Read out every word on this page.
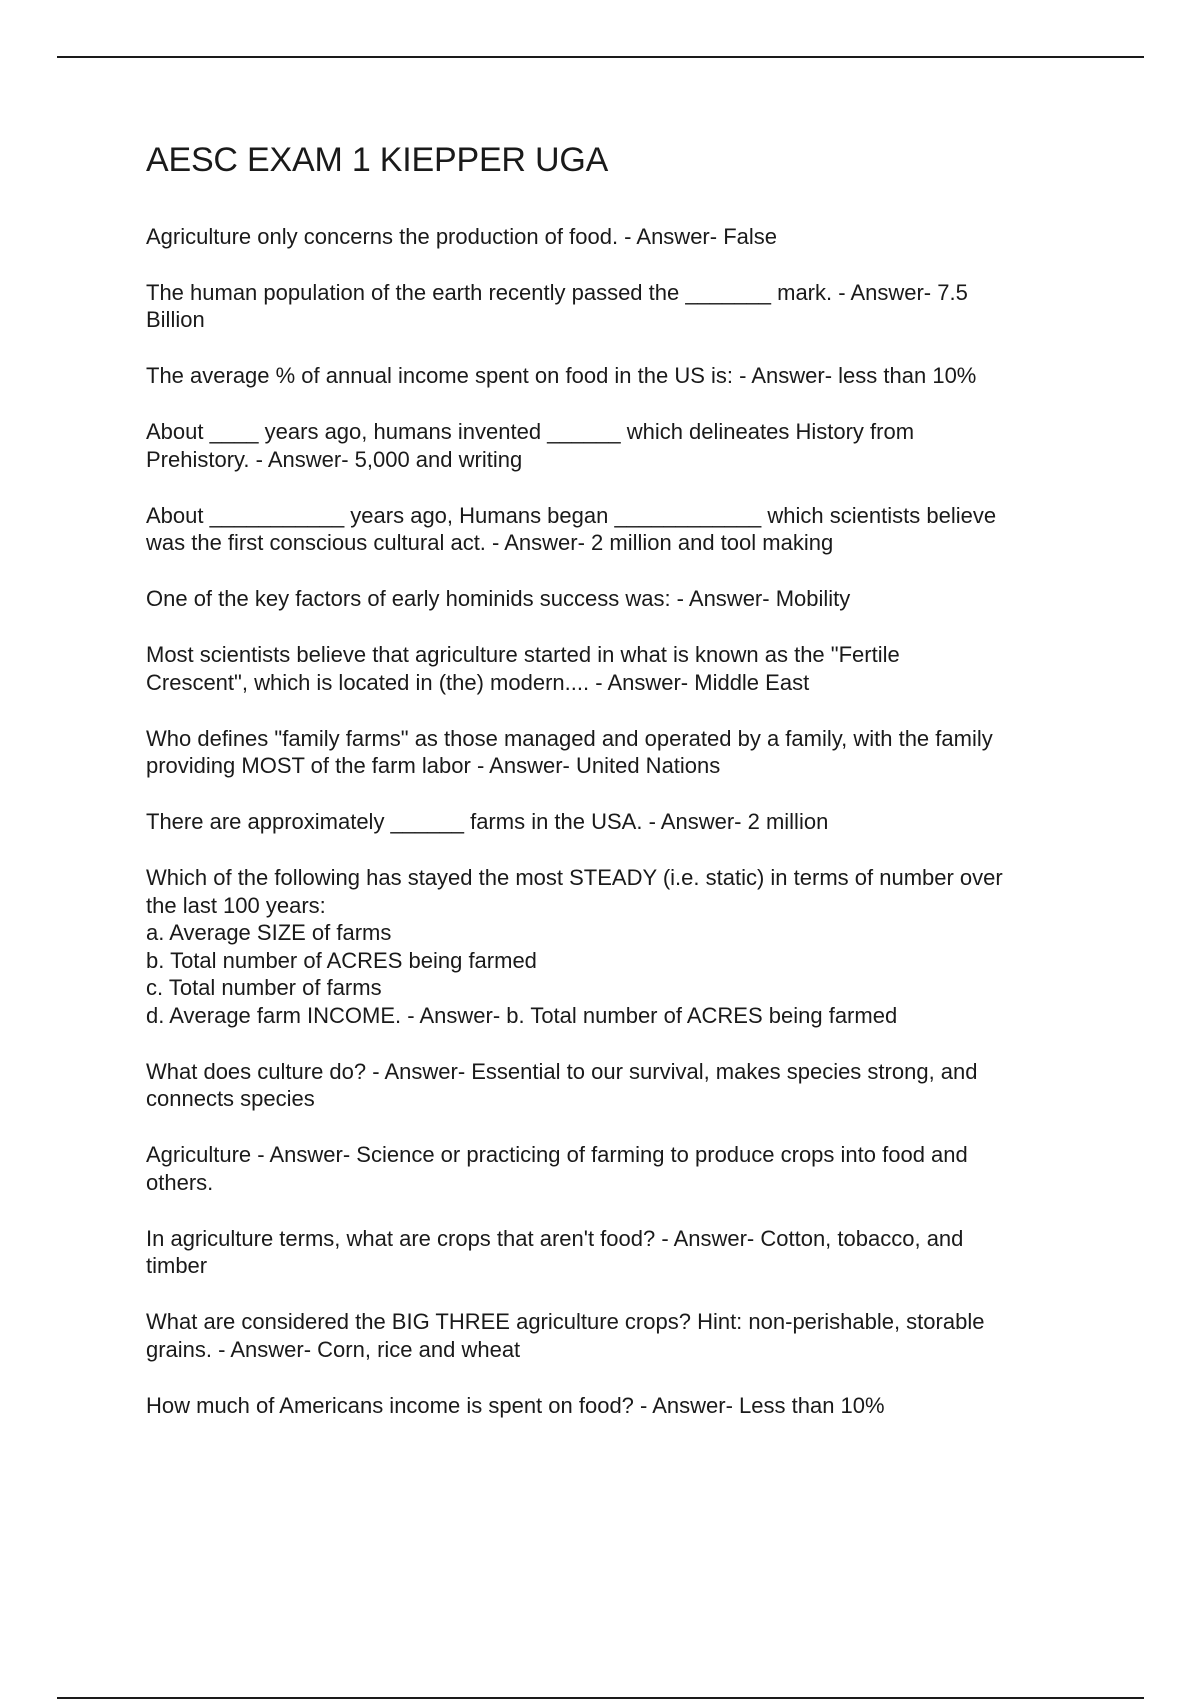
AESC EXAM 1 KIEPPER UGA
Agriculture only concerns the production of food. - Answer- False
The human population of the earth recently passed the _______ mark. - Answer- 7.5
Billion
The average % of annual income spent on food in the US is: - Answer- less than 10%
About ____ years ago, humans invented ______ which delineates History from
Prehistory. - Answer- 5,000 and writing
About ___________ years ago, Humans began ____________ which scientists believe
was the first conscious cultural act. - Answer- 2 million and tool making
One of the key factors of early hominids success was: - Answer- Mobility
Most scientists believe that agriculture started in what is known as the "Fertile
Crescent", which is located in (the) modern.... - Answer- Middle East
Who defines "family farms" as those managed and operated by a family, with the family
providing MOST of the farm labor - Answer- United Nations
There are approximately ______ farms in the USA. - Answer- 2 million
Which of the following has stayed the most STEADY (i.e. static) in terms of number over
the last 100 years:
a. Average SIZE of farms
b. Total number of ACRES being farmed
c. Total number of farms
d. Average farm INCOME. - Answer- b. Total number of ACRES being farmed
What does culture do? - Answer- Essential to our survival, makes species strong, and
connects species
Agriculture - Answer- Science or practicing of farming to produce crops into food and
others.
In agriculture terms, what are crops that aren't food? - Answer- Cotton, tobacco, and
timber
What are considered the BIG THREE agriculture crops? Hint: non-perishable, storable
grains. - Answer- Corn, rice and wheat
How much of Americans income is spent on food? - Answer- Less than 10%
